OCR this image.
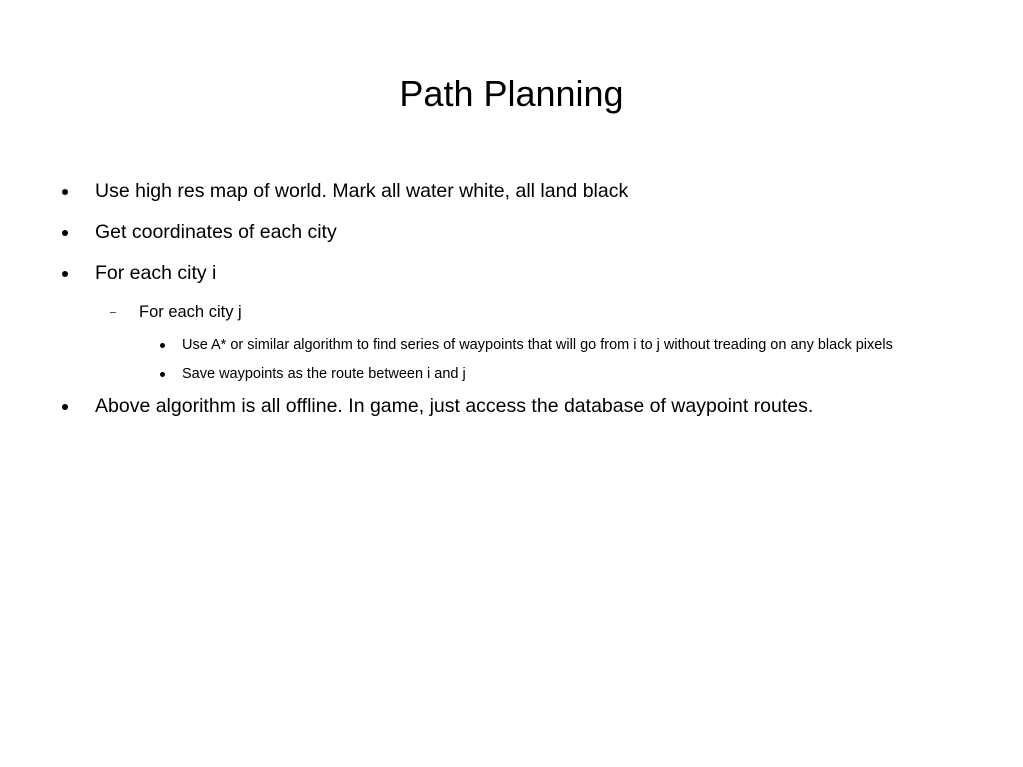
Path Planning
Use high res map of world. Mark all water white, all land black
Get coordinates of each city
For each city i
For each city j
Use A* or similar algorithm to find series of waypoints that will go from i to j without treading on any black pixels
Save waypoints as the route between i and j
Above algorithm is all offline. In game, just access the database of waypoint routes.
